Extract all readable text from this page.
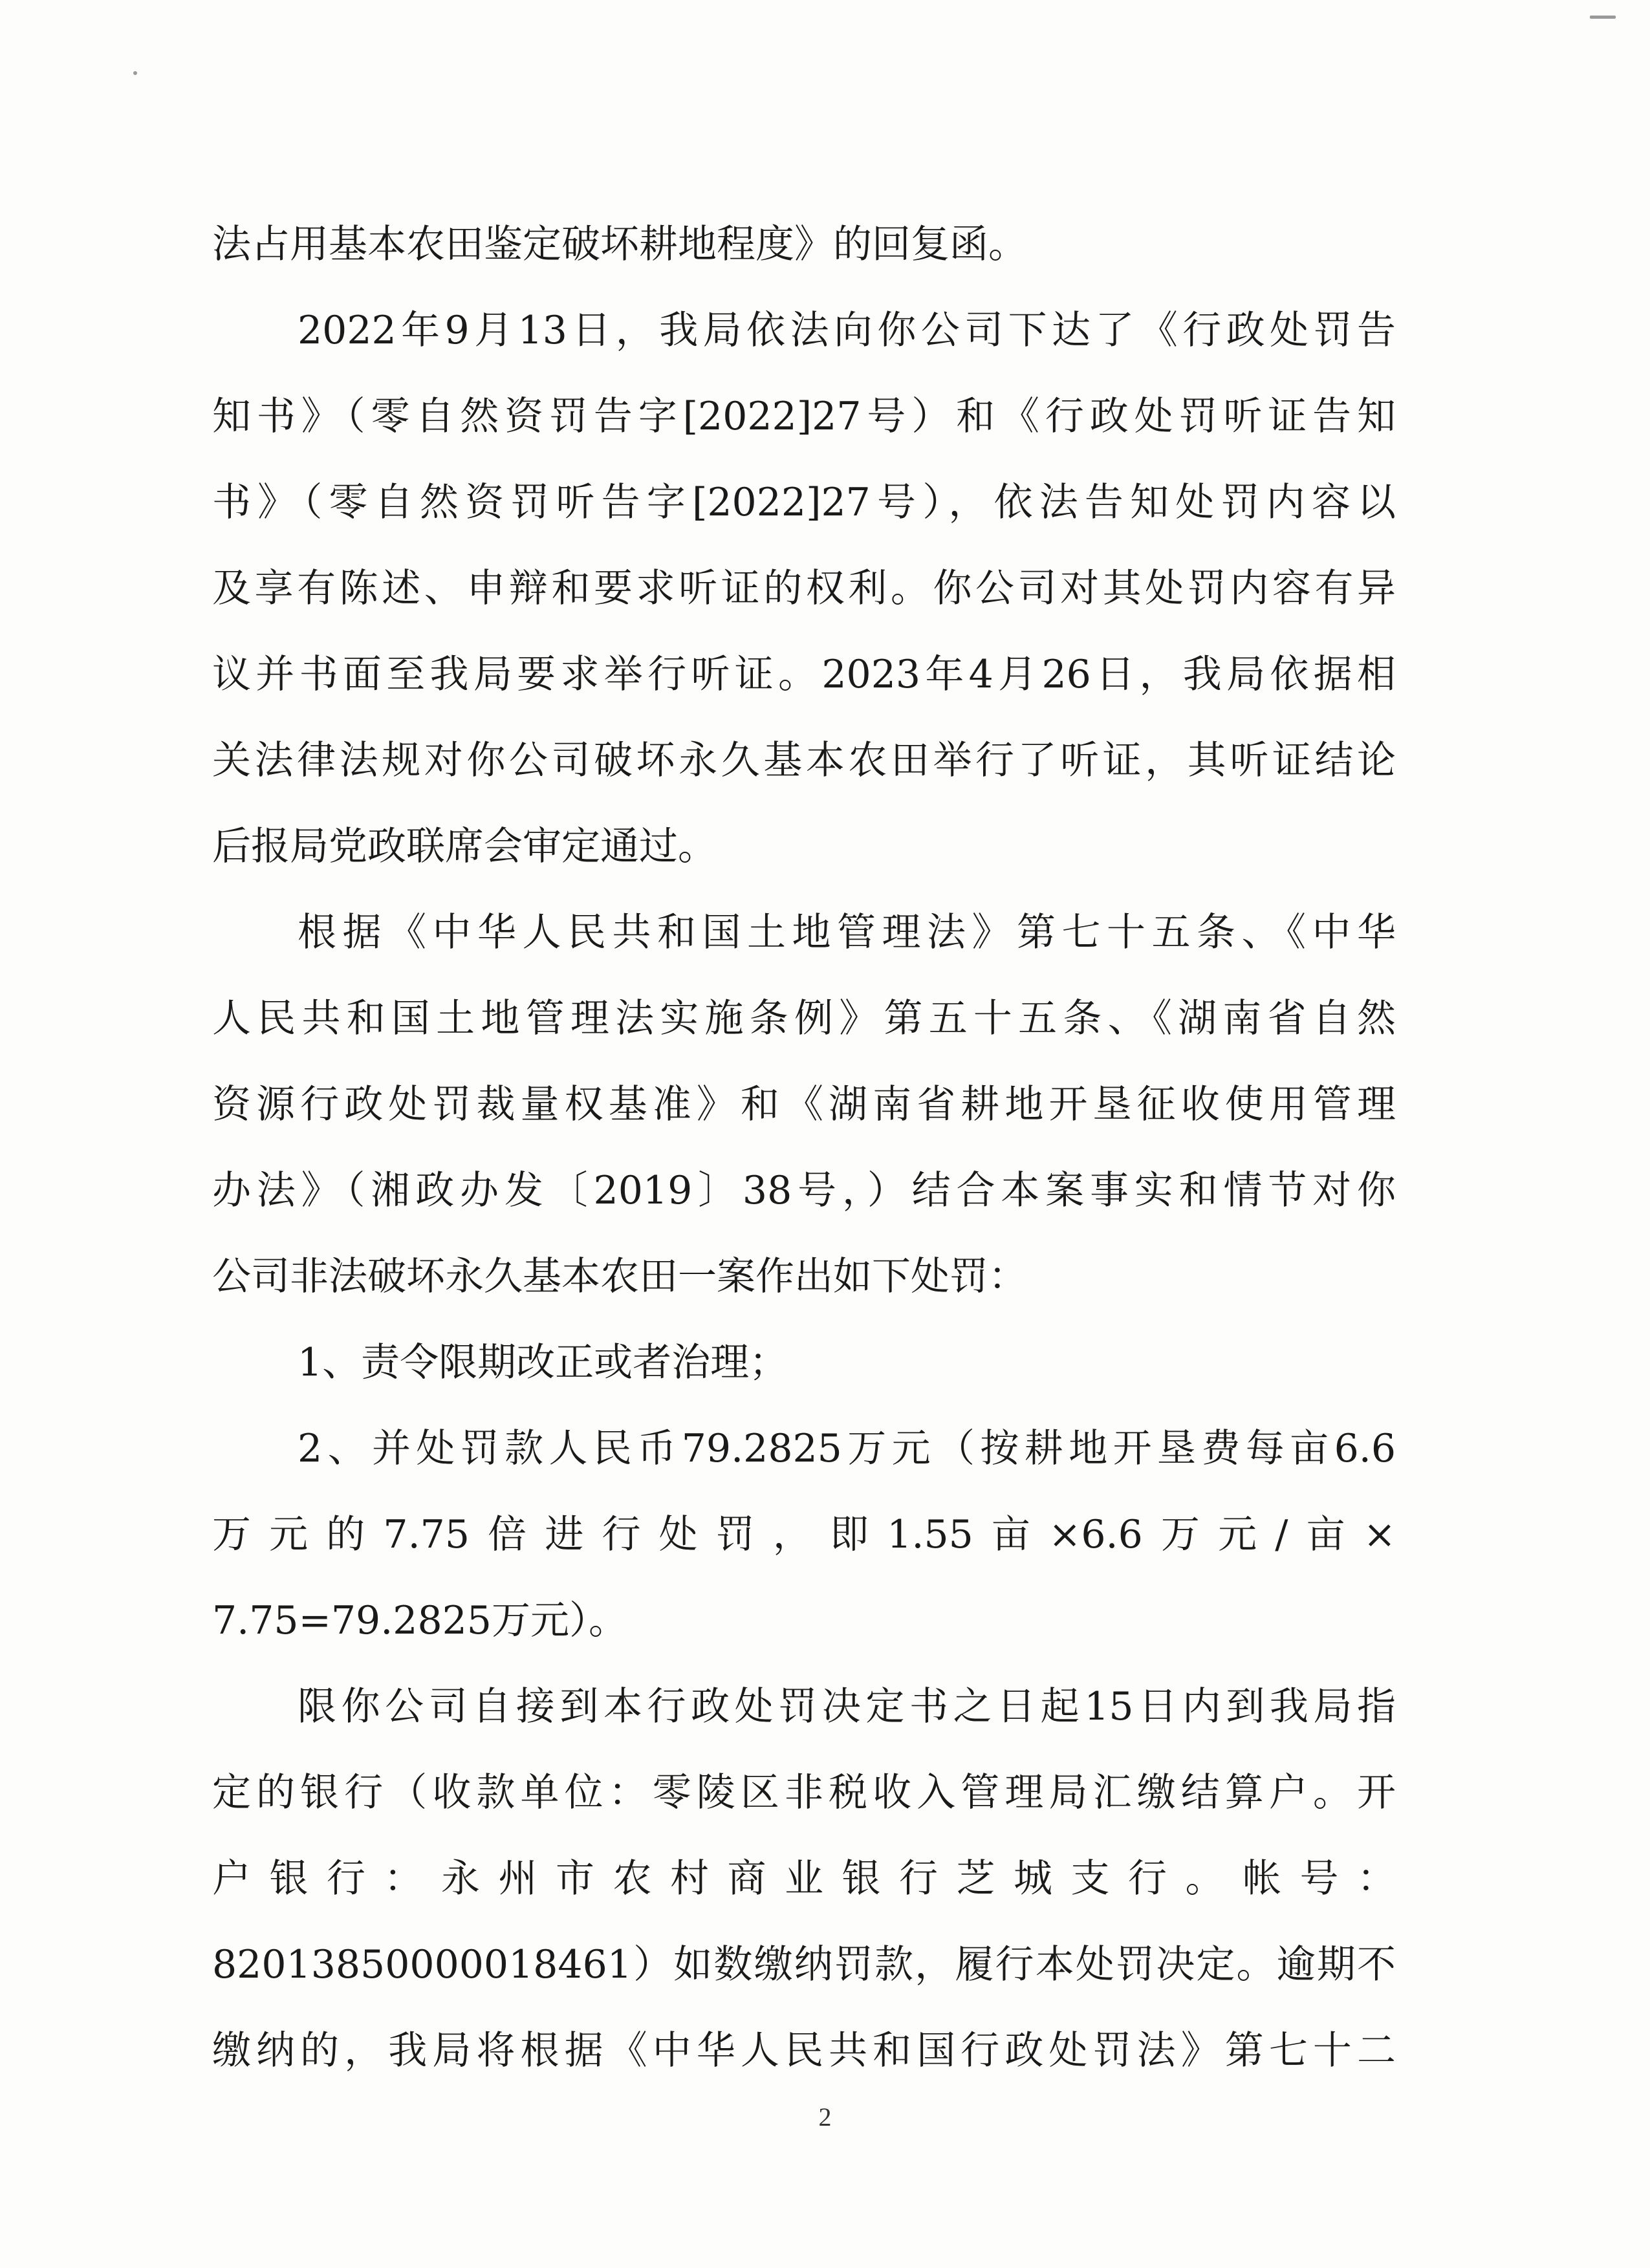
法占用基本农田鉴定破坏耕地程度》的回复函。
2022年9月13日，我局依法向你公司下达了《行政处罚告
知书》（零自然资罚告字[2022]27号）和《行政处罚听证告知
书》（零自然资罚听告字[2022]27号），依法告知处罚内容以
及享有陈述、申辩和要求听证的权利。你公司对其处罚内容有异
议并书面至我局要求举行听证。2023年4月26日，我局依据相
关法律法规对你公司破坏永久基本农田举行了听证，其听证结论
后报局党政联席会审定通过。
根据《中华人民共和国土地管理法》第七十五条、《中华
人民共和国土地管理法实施条例》第五十五条、《湖南省自然
资源行政处罚裁量权基准》和《湖南省耕地开垦征收使用管理
办法》（湘政办发〔2019〕38号，）结合本案事实和情节对你
公司非法破坏永久基本农田一案作出如下处罚：
1、责令限期改正或者治理；
2、并处罚款人民币79.2825万元（按耕地开垦费每亩6.6
万元的7.75倍进行处罚，即1.55亩×6.6万元/亩×
7.75=79.2825万元）。
限你公司自接到本行政处罚决定书之日起15日内到我局指
定的银行（收款单位：零陵区非税收入管理局汇缴结算户。开
户银行：永州市农村商业银行芝城支行。帐号：
82013850000018461）如数缴纳罚款，履行本处罚决定。逾期不
缴纳的，我局将根据《中华人民共和国行政处罚法》第七十二
2
